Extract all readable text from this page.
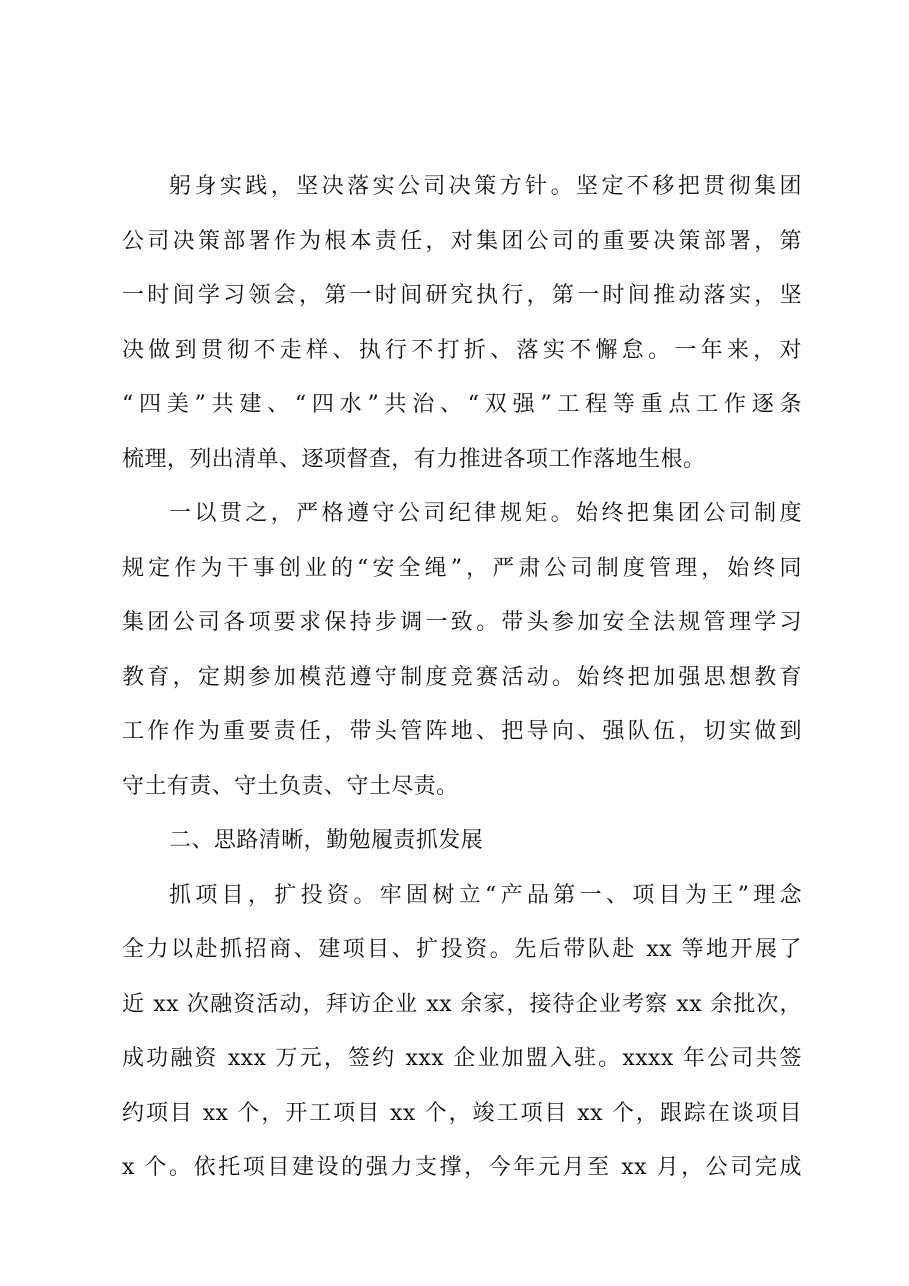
躬身实践，坚决落实公司决策方针。坚定不移把贯彻集团
公司决策部署作为根本责任，对集团公司的重要决策部署，第
一时间学习领会，第一时间研究执行，第一时间推动落实，坚
决做到贯彻不走样、执行不打折、落实不懈怠。一年来，对
“四美”共建、“四水”共治、“双强”工程等重点工作逐条
梳理，列出清单、逐项督查，有力推进各项工作落地生根。
一以贯之，严格遵守公司纪律规矩。始终把集团公司制度
规定作为干事创业的“安全绳”，严肃公司制度管理，始终同
集团公司各项要求保持步调一致。带头参加安全法规管理学习
教育，定期参加模范遵守制度竞赛活动。始终把加强思想教育
工作作为重要责任，带头管阵地、把导向、强队伍，切实做到
守土有责、守土负责、守土尽责。
二、思路清晰，勤勉履责抓发展
抓项目，扩投资。牢固树立“产品第一、项目为王”理念
全力以赴抓招商、建项目、扩投资。先后带队赴 xx 等地开展了
近 xx 次融资活动，拜访企业 xx 余家，接待企业考察 xx 余批次，
成功融资 xxx 万元，签约 xxx 企业加盟入驻。xxxx 年公司共签
约项目 xx 个，开工项目 xx 个，竣工项目 xx 个，跟踪在谈项目
x 个。依托项目建设的强力支撑，今年元月至 xx 月，公司完成
